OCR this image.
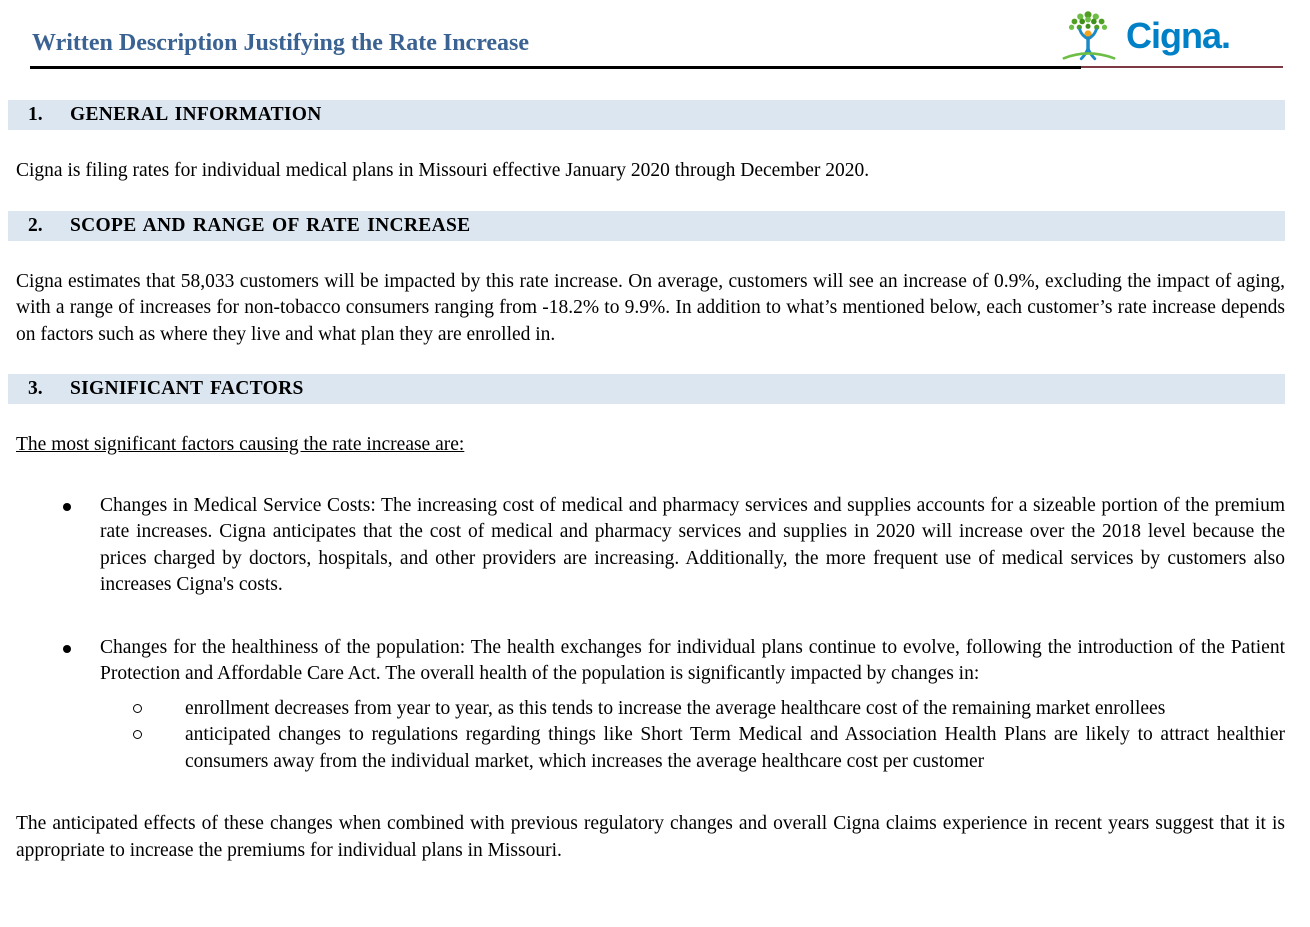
Written Description Justifying the Rate Increase	Cigna.
1.	GENERAL INFORMATION

Cigna is filing rates for individual medical plans in Missouri effective January 2020 through December 2020.

2.	SCOPE AND RANGE OF RATE INCREASE

Cigna estimates that 58,033 customers will be impacted by this rate increase. On average, customers will see an increase of 0.9%, excluding the impact of aging, with a range of increases for non-tobacco consumers ranging from -18.2% to 9.9%. In addition to what’s mentioned below, each customer’s rate increase depends on factors such as where they live and what plan they are enrolled in.

3.	SIGNIFICANT FACTORS

The most significant factors causing the rate increase are:

Changes in Medical Service Costs: The increasing cost of medical and pharmacy services and supplies accounts for a sizeable portion of the premium rate increases. Cigna anticipates that the cost of medical and pharmacy services and supplies in 2020 will increase over the 2018 level because the prices charged by doctors, hospitals, and other providers are increasing. Additionally, the more frequent use of medical services by customers also increases Cigna's costs.
Changes for the healthiness of the population: The health exchanges for individual plans continue to evolve, following the introduction of the Patient Protection and Affordable Care Act. The overall health of the population is significantly impacted by changes in:
enrollment decreases from year to year, as this tends to increase the average healthcare cost of the remaining market enrollees
anticipated changes to regulations regarding things like Short Term Medical and Association Health Plans are likely to attract healthier consumers away from the individual market, which increases the average healthcare cost per customer

The anticipated effects of these changes when combined with previous regulatory changes and overall Cigna claims experience in recent years suggest that it is appropriate to increase the premiums for individual plans in Missouri.
